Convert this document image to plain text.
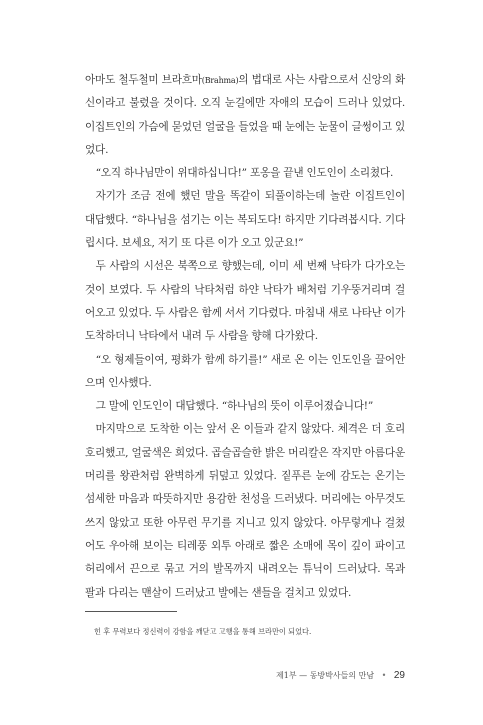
아마도 철두철미 브라흐마(Brahma)의 법대로 사는 사람으로서 신앙의 화신이라고 불렸을 것이다. 오직 눈길에만 자애의 모습이 드러나 있었다. 이집트인의 가슴에 묻었던 얼굴을 들었을 때 눈에는 눈물이 글썽이고 있었다.

“오직 하나님만이 위대하십니다!” 포옹을 끝낸 인도인이 소리쳤다.

자기가 조금 전에 했던 말을 똑같이 되풀이하는데 놀란 이집트인이 대답했다. “하나님을 섬기는 이는 복되도다! 하지만 기다려봅시다. 기다립시다. 보세요, 저기 또 다른 이가 오고 있군요!”

두 사람의 시선은 북쪽으로 향했는데, 이미 세 번째 낙타가 다가오는 것이 보였다. 두 사람의 낙타처럼 하얀 낙타가 배처럼 기우뚱거리며 걸어오고 있었다. 두 사람은 함께 서서 기다렸다. 마침내 새로 나타난 이가 도착하더니 낙타에서 내려 두 사람을 향해 다가왔다.

“오 형제들이여, 평화가 함께 하기를!” 새로 온 이는 인도인을 끌어안으며 인사했다.

그 말에 인도인이 대답했다. “하나님의 뜻이 이루어졌습니다!”

마지막으로 도착한 이는 앞서 온 이들과 같지 않았다. 체격은 더 호리호리했고, 얼굴색은 희었다. 곱슬곱슬한 밝은 머리칼은 작지만 아름다운 머리를 왕관처럼 완벽하게 뒤덮고 있었다. 짙푸른 눈에 감도는 온기는 섬세한 마음과 따뜻하지만 용감한 천성을 드러냈다. 머리에는 아무것도 쓰지 않았고 또한 아무런 무기를 지니고 있지 않았다. 아무렇게나 걸쳤어도 우아해 보이는 티레풍 외투 아래로 짧은 소매에 목이 깊이 파이고 허리에서 끈으로 묶고 거의 발목까지 내려오는 튜닉이 드러났다. 목과 팔과 다리는 맨살이 드러났고 발에는 샌들을 걸치고 있었다.

힌 후 무력보다 정신력이 강함을 깨닫고 고행을 통해 브라만이 되었다.
제1부 — 동방박사들의 만남 • 29
